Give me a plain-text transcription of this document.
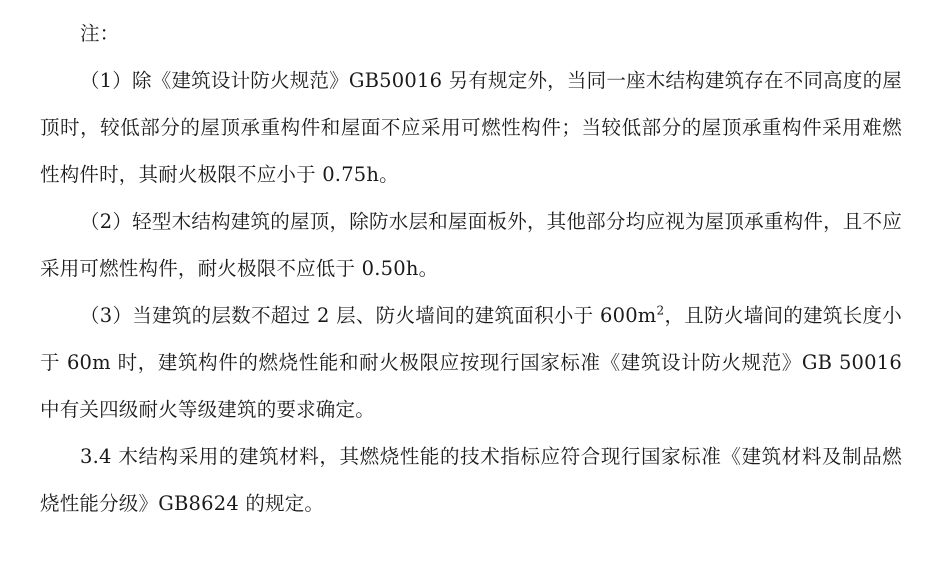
注：

（1）除《建筑设计防火规范》GB50016 另有规定外，当同一座木结构建筑存在不同高度的屋顶时，较低部分的屋顶承重构件和屋面不应采用可燃性构件；当较低部分的屋顶承重构件采用难燃性构件时，其耐火极限不应小于 0.75h。

（2）轻型木结构建筑的屋顶，除防水层和屋面板外，其他部分均应视为屋顶承重构件，且不应采用可燃性构件，耐火极限不应低于 0.50h。

（3）当建筑的层数不超过 2 层、防火墙间的建筑面积小于 $600m^2$，且防火墙间的建筑长度小于 60m 时，建筑构件的燃烧性能和耐火极限应按现行国家标准《建筑设计防火规范》GB 50016 中有关四级耐火等级建筑的要求确定。

3.4 木结构采用的建筑材料，其燃烧性能的技术指标应符合现行国家标准《建筑材料及制品燃烧性能分级》GB8624 的规定。
